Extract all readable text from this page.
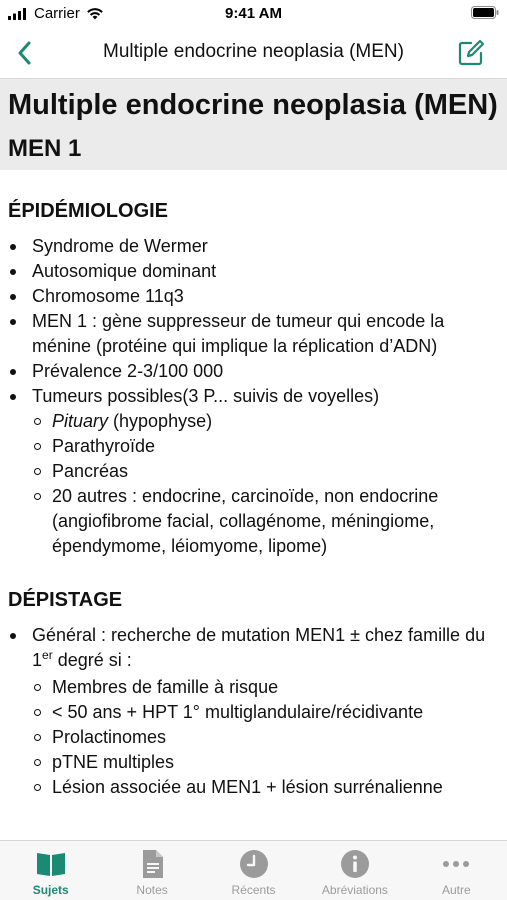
Carrier	9:41 AM
Multiple endocrine neoplasia (MEN)
Multiple endocrine neoplasia (MEN)
MEN 1
ÉPIDÉMIOLOGIE
Syndrome de Wermer
Autosomique dominant
Chromosome 11q3
MEN 1 : gène suppresseur de tumeur qui encode la ménine (protéine qui implique la réplication d’ADN)
Prévalence 2-3/100 000
Tumeurs possibles(3 P... suivis de voyelles)
Pituary (hypophyse)
Parathyroïde
Pancréas
20 autres : endocrine, carcinoïde, non endocrine (angiofibrome facial, collagénome, méningiome, épendymome, léiomyome, lipome)
DÉPISTAGE
Général : recherche de mutation MEN1 ± chez famille du 1er degré si :
Membres de famille à risque
< 50 ans + HPT 1° multiglandulaire/récidivante
Prolactinomes
pTNE multiples
Lésion associée au MEN1 + lésion surrénalienne
Sujets	Notes	Récents	Abréviations	Autre
